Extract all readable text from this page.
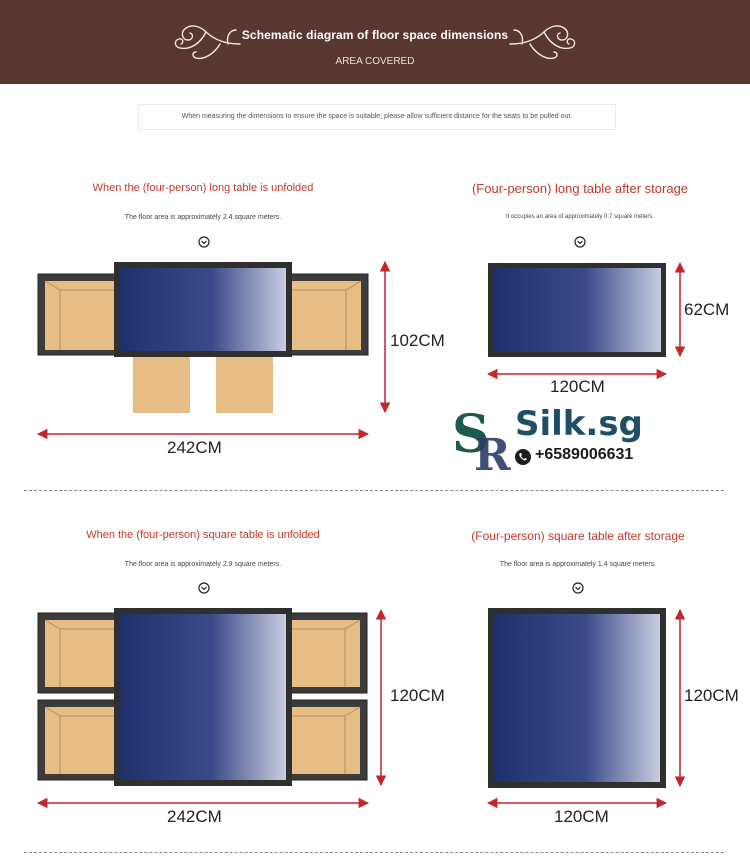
Schematic diagram of floor space dimensions
AREA COVERED
When measuring the dimensions to ensure the space is suitable, please allow sufficient distance for the seats to be pulled out.
When the (four-person) long table is unfolded
The floor area is approximately 2.4 square meters.
(Four-person) long table after storage
It occupies an area of approximately 0.7 square meters.
When the (four-person) square table is unfolded
The floor area is approximately 2.9 square meters.
(Four-person) square table after storage
The floor area is approximately 1.4 square meters.
242CM
102CM
120CM
62CM
242CM
120CM
120CM
120CM
S
R
Silk.sg
+6589006631
